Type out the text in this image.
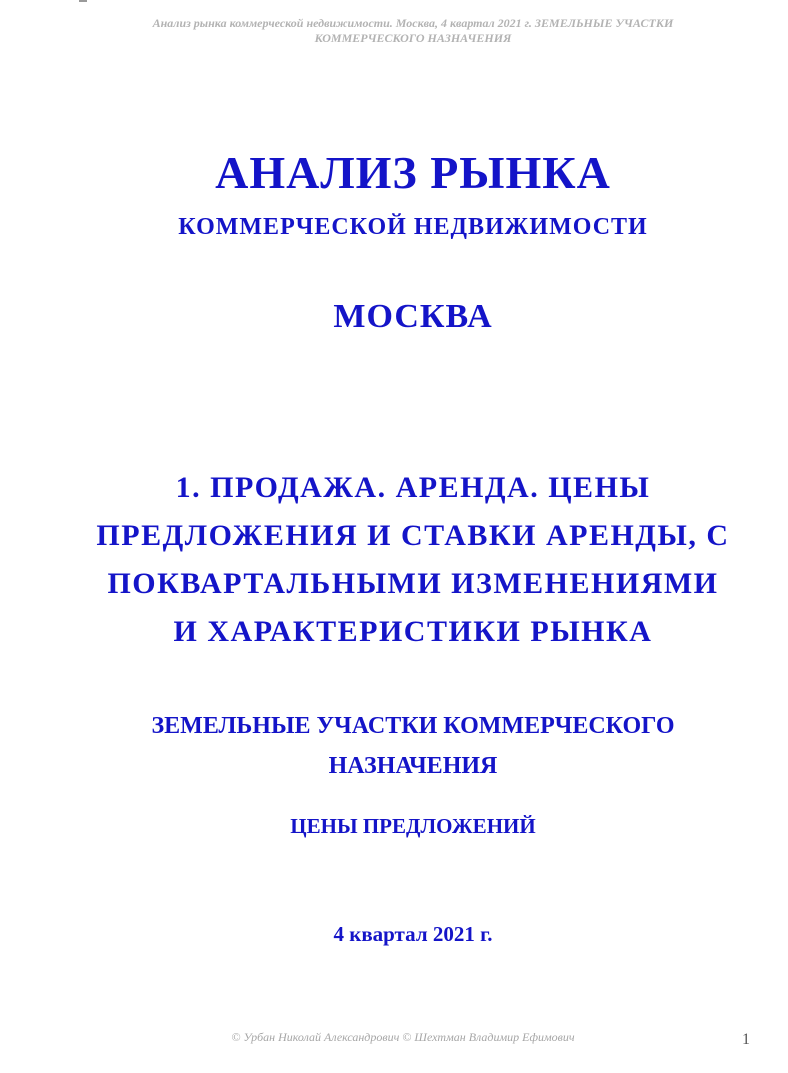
Анализ рынка коммерческой недвижимости. Москва, 4 квартал 2021 г. ЗЕМЕЛЬНЫЕ УЧАСТКИ
КОММЕРЧЕСКОГО НАЗНАЧЕНИЯ
АНАЛИЗ РЫНКА
КОММЕРЧЕСКОЙ НЕДВИЖИМОСТИ
МОСКВА
1. ПРОДАЖА. АРЕНДА. ЦЕНЫ
ПРЕДЛОЖЕНИЯ И СТАВКИ АРЕНДЫ, С
ПОКВАРТАЛЬНЫМИ ИЗМЕНЕНИЯМИ
И ХАРАКТЕРИСТИКИ РЫНКА
ЗЕМЕЛЬНЫЕ УЧАСТКИ КОММЕРЧЕСКОГО
НАЗНАЧЕНИЯ
ЦЕНЫ ПРЕДЛОЖЕНИЙ
4 квартал 2021 г.
© Урбан Николай Александрович © Шехтман Владимир Ефимович	1
